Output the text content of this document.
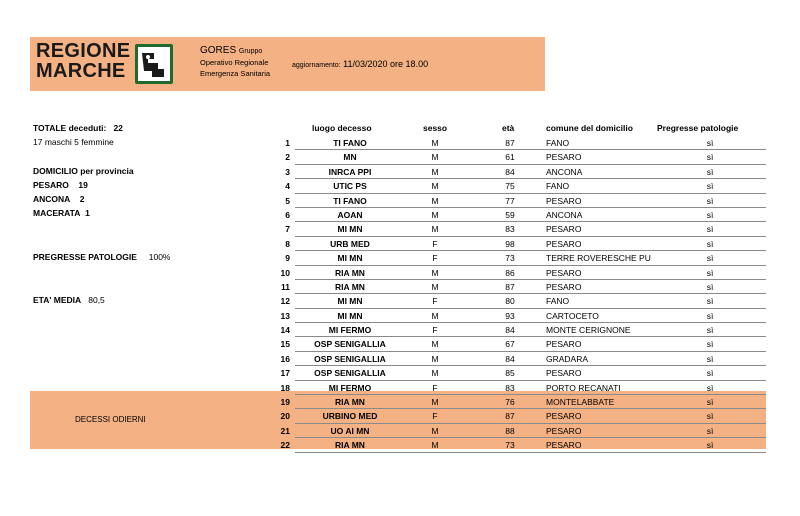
REGIONE
MARCHE
GORES Gruppo
Operativo Regionale
Emergenza Sanitaria
aggiornamento: 11/03/2020 ore 18.00
DECESSI ODIERNI
TOTALE deceduti: 22
17 maschi 5 femmine
DOMICILIO per provincia
PESARO 19
ANCONA 2
MACERATA 1
PREGRESSE PATOLOGIE 100%
ETA' MEDIA 80,5
luogo decesso	sesso	età	comune del domicilio	Pregresse patologie
1	TI FANO	M	87	FANO	sì
2	MN	M	61	PESARO	sì
3	INRCA PPI	M	84	ANCONA	sì
4	UTIC PS	M	75	FANO	sì
5	TI FANO	M	77	PESARO	sì
6	AOAN	M	59	ANCONA	sì
7	MI MN	M	83	PESARO	sì
8	URB MED	F	98	PESARO	sì
9	MI MN	F	73	TERRE ROVERESCHE PU	sì
10	RIA MN	M	86	PESARO	sì
11	RIA MN	M	87	PESARO	sì
12	MI MN	F	80	FANO	sì
13	MI MN	M	93	CARTOCETO	sì
14	MI FERMO	F	84	MONTE CERIGNONE	sì
15	OSP SENIGALLIA	M	67	PESARO	sì
16	OSP SENIGALLIA	M	84	GRADARA	sì
17	OSP SENIGALLIA	M	85	PESARO	sì
18	MI FERMO	F	83	PORTO RECANATI	sì
19	RIA MN	M	76	MONTELABBATE	sì
20	URBINO MED	F	87	PESARO	sì
21	UO AI MN	M	88	PESARO	sì
22	RIA MN	M	73	PESARO	sì
